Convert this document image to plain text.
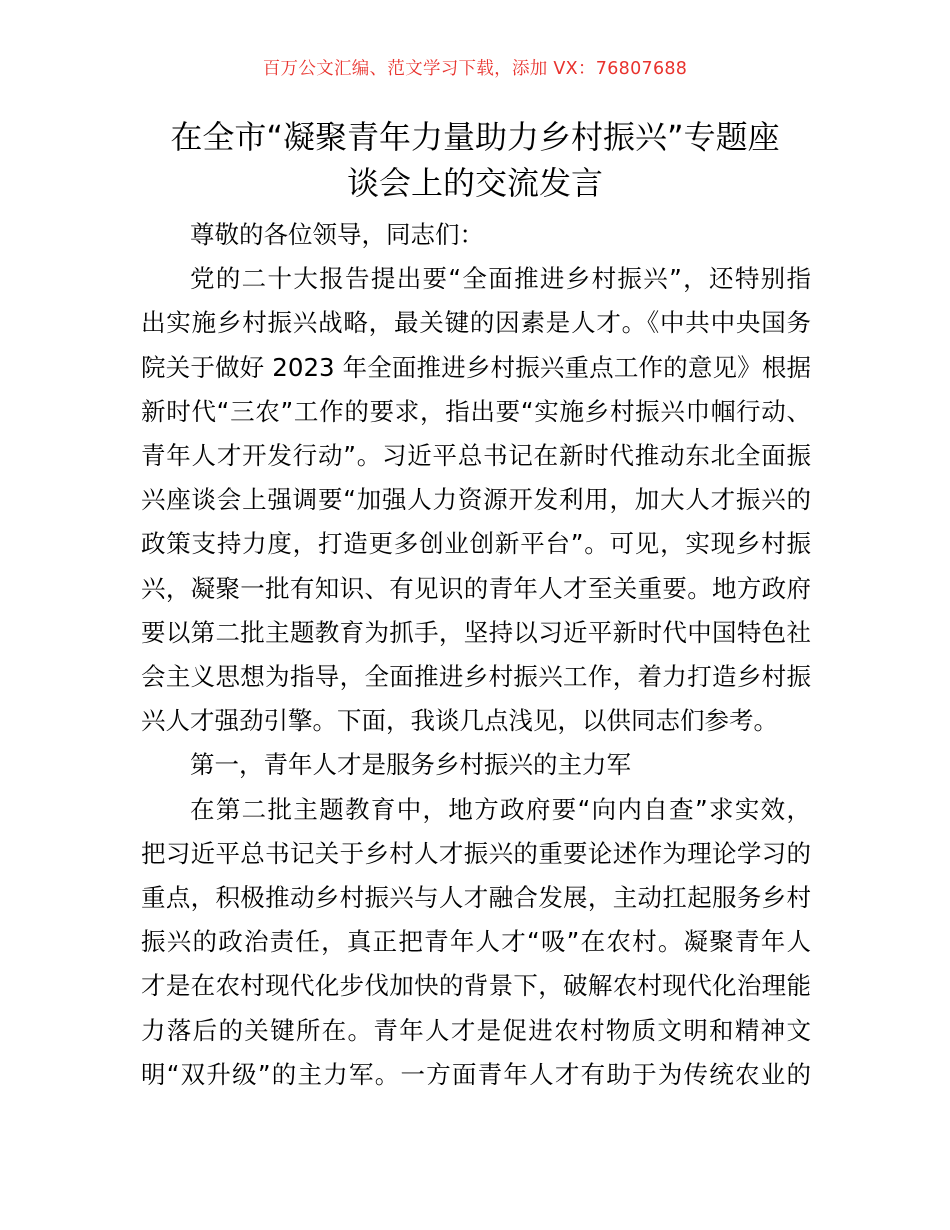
百万公文汇编、范文学习下载，添加 VX：76807688
在全市“凝聚青年力量助力乡村振兴”专题座
谈会上的交流发言

尊敬的各位领导，同志们：

党的二十大报告提出要“全面推进乡村振兴”，还特别指
出实施乡村振兴战略，最关键的因素是人才。《中共中央国务
院关于做好 2023 年全面推进乡村振兴重点工作的意见》根据
新时代“三农”工作的要求，指出要“实施乡村振兴巾帼行动、
青年人才开发行动”。习近平总书记在新时代推动东北全面振
兴座谈会上强调要“加强人力资源开发利用，加大人才振兴的
政策支持力度，打造更多创业创新平台”。可见，实现乡村振
兴，凝聚一批有知识、有见识的青年人才至关重要。地方政府
要以第二批主题教育为抓手，坚持以习近平新时代中国特色社
会主义思想为指导，全面推进乡村振兴工作，着力打造乡村振
兴人才强劲引擎。下面，我谈几点浅见，以供同志们参考。

第一，青年人才是服务乡村振兴的主力军

在第二批主题教育中，地方政府要“向内自查”求实效，
把习近平总书记关于乡村人才振兴的重要论述作为理论学习的
重点，积极推动乡村振兴与人才融合发展，主动扛起服务乡村
振兴的政治责任，真正把青年人才“吸”在农村。凝聚青年人
才是在农村现代化步伐加快的背景下，破解农村现代化治理能
力落后的关键所在。青年人才是促进农村物质文明和精神文
明“双升级”的主力军。一方面青年人才有助于为传统农业的
